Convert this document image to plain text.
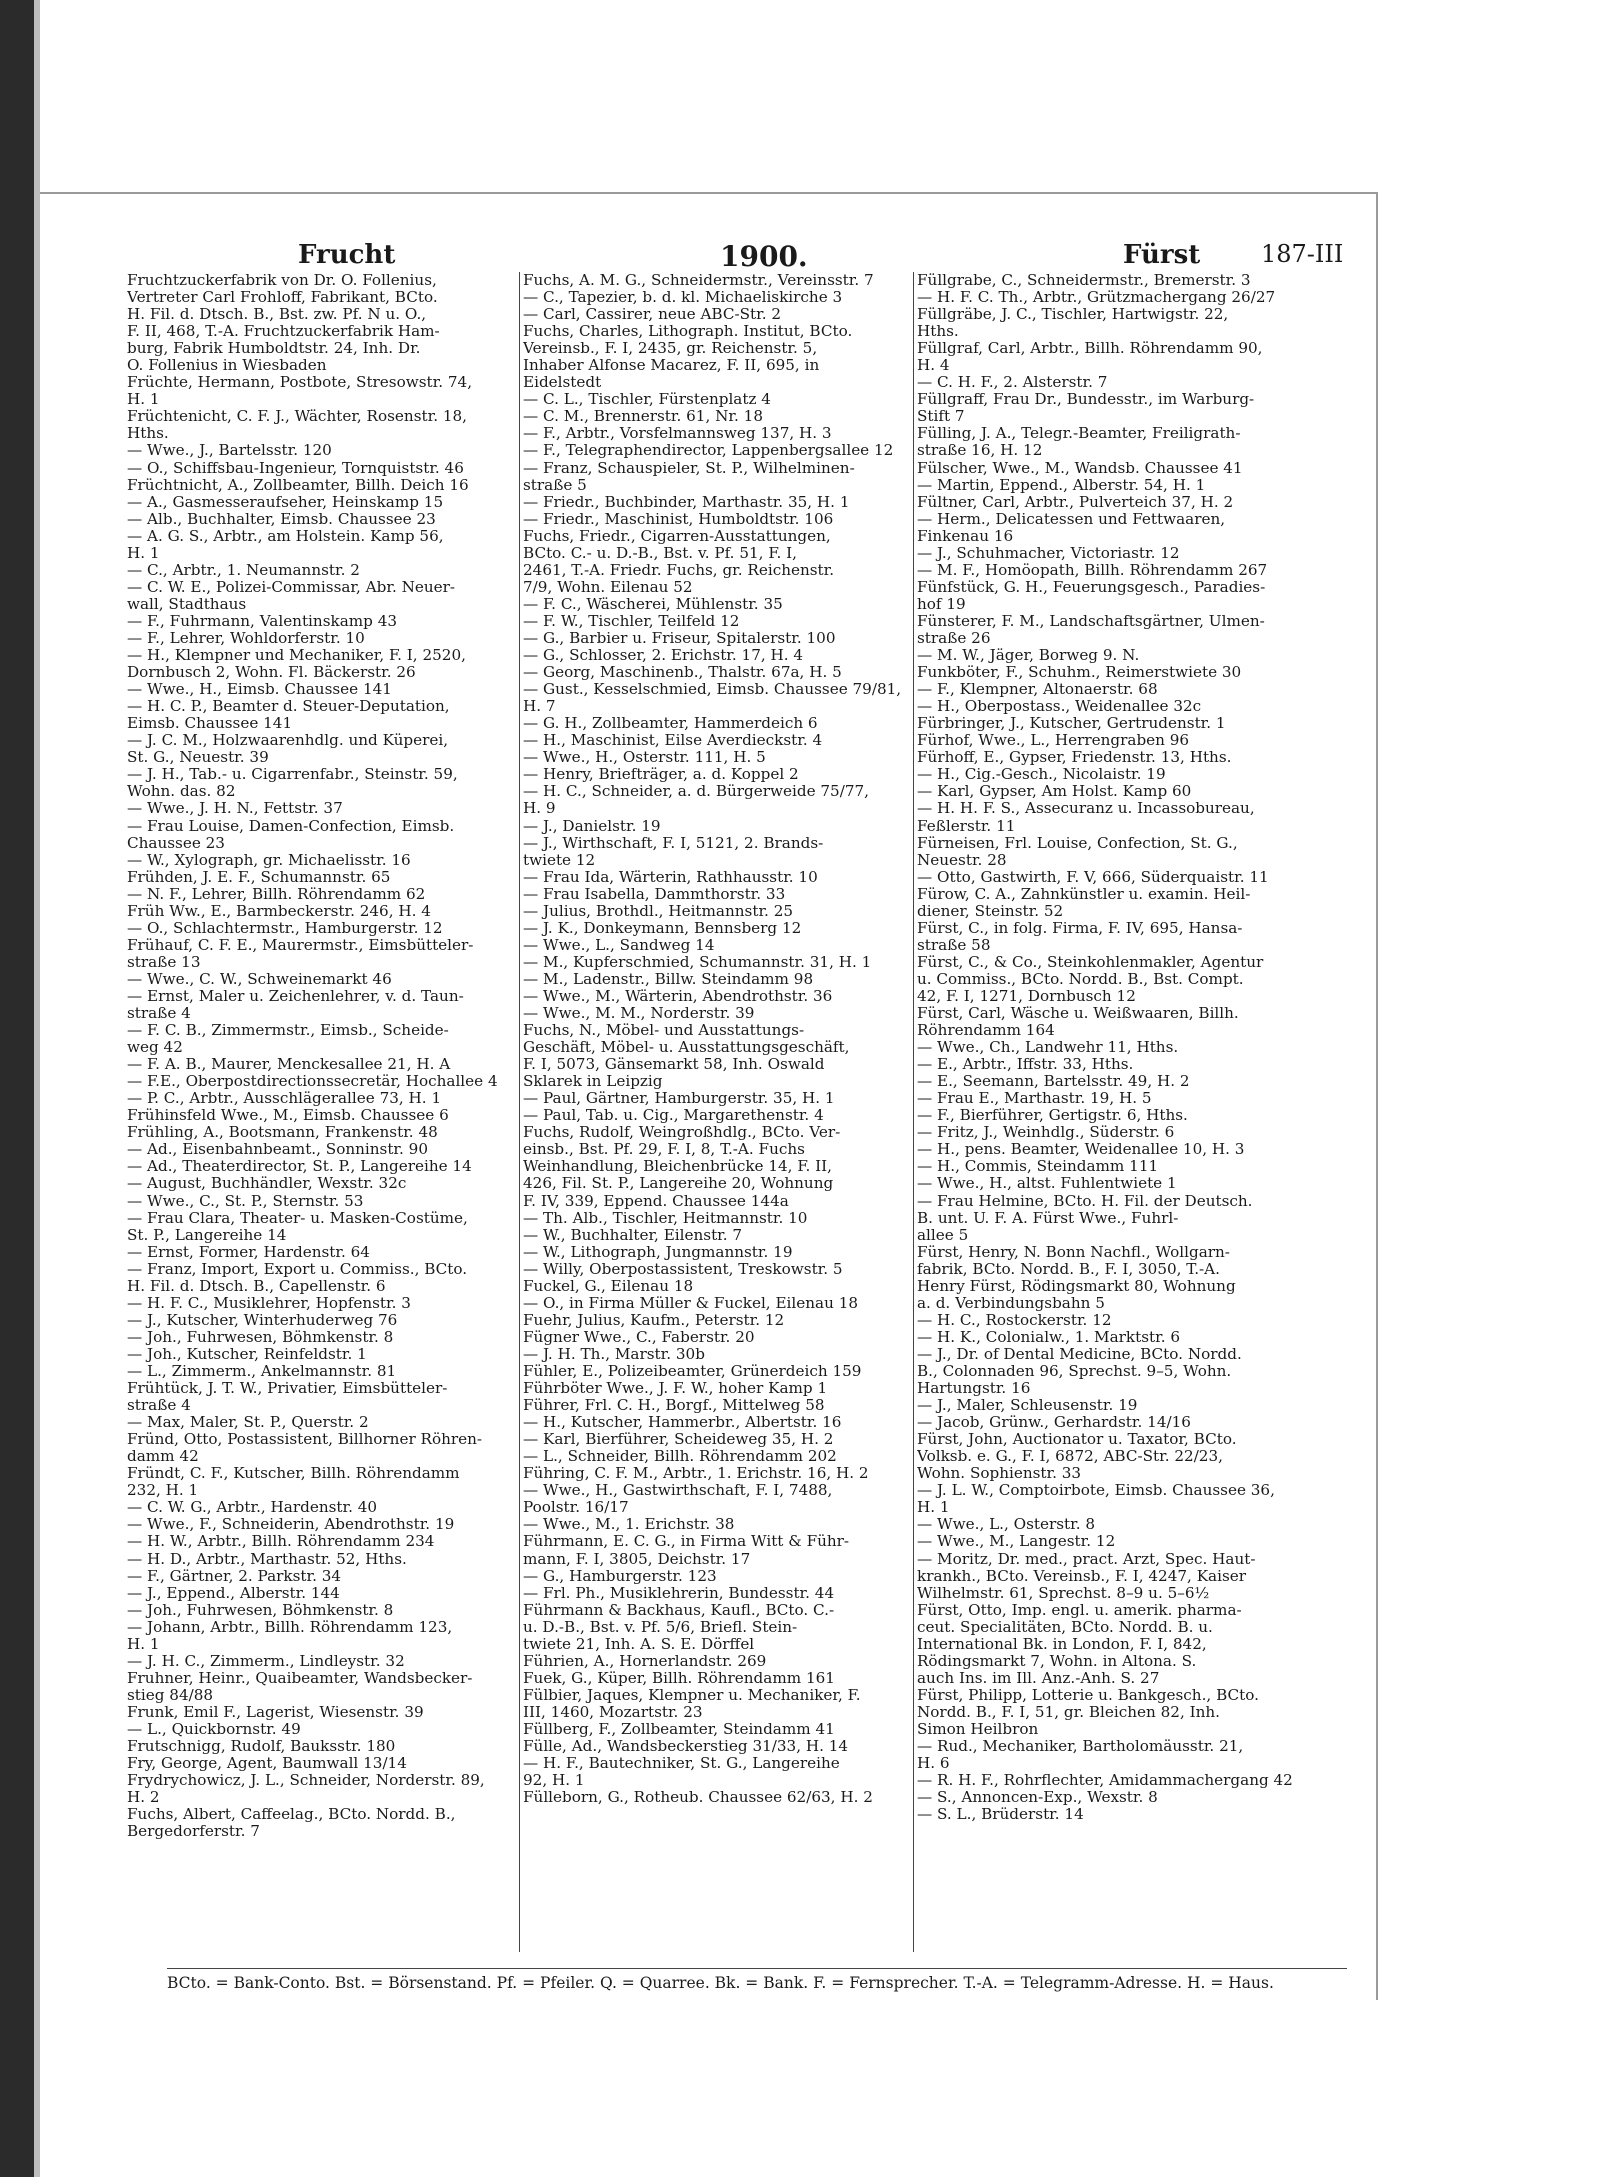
Frucht	1900.	Fürst	187-III
Fruchtzuckerfabrik von Dr. O. Follenius,
Vertreter Carl Frohloff, Fabrikant, BCto.
H. Fil. d. Dtsch. B., Bst. zw. Pf. N u. O.,
F. II, 468, T.-A. Fruchtzuckerfabrik Ham-
burg, Fabrik Humboldtstr. 24, Inh. Dr.
O. Follenius in Wiesbaden
Früchte, Hermann, Postbote, Stresowstr. 74,
H. 1
Früchtenicht, C. F. J., Wächter, Rosenstr. 18,
Hths.
— Wwe., J., Bartelsstr. 120
— O., Schiffsbau-Ingenieur, Tornquiststr. 46
Früchtnicht, A., Zollbeamter, Billh. Deich 16
— A., Gasmesseraufseher, Heinskamp 15
— Alb., Buchhalter, Eimsb. Chaussee 23
— A. G. S., Arbtr., am Holstein. Kamp 56,
H. 1
— C., Arbtr., 1. Neumannstr. 2
— C. W. E., Polizei-Commissar, Abr. Neuer-
wall, Stadthaus
— F., Fuhrmann, Valentinskamp 43
— F., Lehrer, Wohldorferstr. 10
— H., Klempner und Mechaniker, F. I, 2520,
Dornbusch 2, Wohn. Fl. Bäckerstr. 26
— Wwe., H., Eimsb. Chaussee 141
— H. C. P., Beamter d. Steuer-Deputation,
Eimsb. Chaussee 141
— J. C. M., Holzwaarenhdlg. und Küperei,
St. G., Neuestr. 39
— J. H., Tab.- u. Cigarrenfabr., Steinstr. 59,
Wohn. das. 82
— Wwe., J. H. N., Fettstr. 37
— Frau Louise, Damen-Confection, Eimsb.
Chaussee 23
— W., Xylograph, gr. Michaelisstr. 16
Frühden, J. E. F., Schumannstr. 65
— N. F., Lehrer, Billh. Röhrendamm 62
Früh Ww., E., Barmbeckerstr. 246, H. 4
— O., Schlachtermstr., Hamburgerstr. 12
Frühauf, C. F. E., Maurermstr., Eimsbütteler-
straße 13
— Wwe., C. W., Schweinemarkt 46
— Ernst, Maler u. Zeichenlehrer, v. d. Taun-
straße 4
— F. C. B., Zimmermstr., Eimsb., Scheide-
weg 42
— F. A. B., Maurer, Menckesallee 21, H. A
— F.E., Oberpostdirectionssecretär, Hochallee 4
— P. C., Arbtr., Ausschlägerallee 73, H. 1
Frühinsfeld Wwe., M., Eimsb. Chaussee 6
Frühling, A., Bootsmann, Frankenstr. 48
— Ad., Eisenbahnbeamt., Sonninstr. 90
— Ad., Theaterdirector, St. P., Langereihe 14
— August, Buchhändler, Wexstr. 32c
— Wwe., C., St. P., Sternstr. 53
— Frau Clara, Theater- u. Masken-Costüme,
St. P., Langereihe 14
— Ernst, Former, Hardenstr. 64
— Franz, Import, Export u. Commiss., BCto.
H. Fil. d. Dtsch. B., Capellenstr. 6
— H. F. C., Musiklehrer, Hopfenstr. 3
— J., Kutscher, Winterhuderweg 76
— Joh., Fuhrwesen, Böhmkenstr. 8
— Joh., Kutscher, Reinfeldstr. 1
— L., Zimmerm., Ankelmannstr. 81
Frühtück, J. T. W., Privatier, Eimsbütteler-
straße 4
— Max, Maler, St. P., Querstr. 2
Fründ, Otto, Postassistent, Billhorner Röhren-
damm 42
Fründt, C. F., Kutscher, Billh. Röhrendamm
232, H. 1
— C. W. G., Arbtr., Hardenstr. 40
— Wwe., F., Schneiderin, Abendrothstr. 19
— H. W., Arbtr., Billh. Röhrendamm 234
— H. D., Arbtr., Marthastr. 52, Hths.
— F., Gärtner, 2. Parkstr. 34
— J., Eppend., Alberstr. 144
— Joh., Fuhrwesen, Böhmkenstr. 8
— Johann, Arbtr., Billh. Röhrendamm 123,
H. 1
— J. H. C., Zimmerm., Lindleystr. 32
Fruhner, Heinr., Quaibeamter, Wandsbecker-
stieg 84/88
Frunk, Emil F., Lagerist, Wiesenstr. 39
— L., Quickbornstr. 49
Frutschnigg, Rudolf, Bauksstr. 180
Fry, George, Agent, Baumwall 13/14
Frydrychowicz, J. L., Schneider, Norderstr. 89,
H. 2
Fuchs, Albert, Caffeelag., BCto. Nordd. B.,
Bergedorferstr. 7
Fuchs, A. M. G., Schneidermstr., Vereinsstr. 7
— C., Tapezier, b. d. kl. Michaeliskirche 3
— Carl, Cassirer, neue ABC-Str. 2
Fuchs, Charles, Lithograph. Institut, BCto.
Vereinsb., F. I, 2435, gr. Reichenstr. 5,
Inhaber Alfonse Macarez, F. II, 695, in
Eidelstedt
— C. L., Tischler, Fürstenplatz 4
— C. M., Brennerstr. 61, Nr. 18
— F., Arbtr., Vorsfelmannsweg 137, H. 3
— F., Telegraphendirector, Lappenbergsallee 12
— Franz, Schauspieler, St. P., Wilhelminen-
straße 5
— Friedr., Buchbinder, Marthastr. 35, H. 1
— Friedr., Maschinist, Humboldtstr. 106
Fuchs, Friedr., Cigarren-Ausstattungen,
BCto. C.- u. D.-B., Bst. v. Pf. 51, F. I,
2461, T.-A. Friedr. Fuchs, gr. Reichenstr.
7/9, Wohn. Eilenau 52
— F. C., Wäscherei, Mühlenstr. 35
— F. W., Tischler, Teilfeld 12
— G., Barbier u. Friseur, Spitalerstr. 100
— G., Schlosser, 2. Erichstr. 17, H. 4
— Georg, Maschinenb., Thalstr. 67a, H. 5
— Gust., Kesselschmied, Eimsb. Chaussee 79/81,
H. 7
— G. H., Zollbeamter, Hammerdeich 6
— H., Maschinist, Eilse Averdieckstr. 4
— Wwe., H., Osterstr. 111, H. 5
— Henry, Briefträger, a. d. Koppel 2
— H. C., Schneider, a. d. Bürgerweide 75/77,
H. 9
— J., Danielstr. 19
— J., Wirthschaft, F. I, 5121, 2. Brands-
twiete 12
— Frau Ida, Wärterin, Rathhausstr. 10
— Frau Isabella, Dammthorstr. 33
— Julius, Brothdl., Heitmannstr. 25
— J. K., Donkeymann, Bennsberg 12
— Wwe., L., Sandweg 14
— M., Kupferschmied, Schumannstr. 31, H. 1
— M., Ladenstr., Billw. Steindamm 98
— Wwe., M., Wärterin, Abendrothstr. 36
— Wwe., M. M., Norderstr. 39
Fuchs, N., Möbel- und Ausstattungs-
Geschäft, Möbel- u. Ausstattungsgeschäft,
F. I, 5073, Gänsemarkt 58, Inh. Oswald
Sklarek in Leipzig
— Paul, Gärtner, Hamburgerstr. 35, H. 1
— Paul, Tab. u. Cig., Margarethenstr. 4
Fuchs, Rudolf, Weingroßhdlg., BCto. Ver-
einsb., Bst. Pf. 29, F. I, 8, T.-A. Fuchs
Weinhandlung, Bleichenbrücke 14, F. II,
426, Fil. St. P., Langereihe 20, Wohnung
F. IV, 339, Eppend. Chaussee 144a
— Th. Alb., Tischler, Heitmannstr. 10
— W., Buchhalter, Eilenstr. 7
— W., Lithograph, Jungmannstr. 19
— Willy, Oberpostassistent, Treskowstr. 5
Fuckel, G., Eilenau 18
— O., in Firma Müller & Fuckel, Eilenau 18
Fuehr, Julius, Kaufm., Peterstr. 12
Fügner Wwe., C., Faberstr. 20
— J. H. Th., Marstr. 30b
Fühler, E., Polizeibeamter, Grünerdeich 159
Führböter Wwe., J. F. W., hoher Kamp 1
Führer, Frl. C. H., Borgf., Mittelweg 58
— H., Kutscher, Hammerbr., Albertstr. 16
— Karl, Bierführer, Scheideweg 35, H. 2
— L., Schneider, Billh. Röhrendamm 202
Führing, C. F. M., Arbtr., 1. Erichstr. 16, H. 2
— Wwe., H., Gastwirthschaft, F. I, 7488,
Poolstr. 16/17
— Wwe., M., 1. Erichstr. 38
Führmann, E. C. G., in Firma Witt & Führ-
mann, F. I, 3805, Deichstr. 17
— G., Hamburgerstr. 123
— Frl. Ph., Musiklehrerin, Bundesstr. 44
Führmann & Backhaus, Kaufl., BCto. C.-
u. D.-B., Bst. v. Pf. 5/6, Briefl. Stein-
twiete 21, Inh. A. S. E. Dörffel
Führien, A., Hornerlandstr. 269
Fuek, G., Küper, Billh. Röhrendamm 161
Fülbier, Jaques, Klempner u. Mechaniker, F.
III, 1460, Mozartstr. 23
Füllberg, F., Zollbeamter, Steindamm 41
Fülle, Ad., Wandsbeckerstieg 31/33, H. 14
— H. F., Bautechniker, St. G., Langereihe
92, H. 1
Fülleborn, G., Rotheub. Chaussee 62/63, H. 2
Füllgrabe, C., Schneidermstr., Bremerstr. 3
— H. F. C. Th., Arbtr., Grützmachergang 26/27
Füllgräbe, J. C., Tischler, Hartwigstr. 22,
Hths.
Füllgraf, Carl, Arbtr., Billh. Röhrendamm 90,
H. 4
— C. H. F., 2. Alsterstr. 7
Füllgraff, Frau Dr., Bundesstr., im Warburg-
Stift 7
Fülling, J. A., Telegr.-Beamter, Freiligrath-
straße 16, H. 12
Fülscher, Wwe., M., Wandsb. Chaussee 41
— Martin, Eppend., Alberstr. 54, H. 1
Fültner, Carl, Arbtr., Pulverteich 37, H. 2
— Herm., Delicatessen und Fettwaaren,
Finkenau 16
— J., Schuhmacher, Victoriastr. 12
— M. F., Homöopath, Billh. Röhrendamm 267
Fünfstück, G. H., Feuerungsgesch., Paradies-
hof 19
Fünsterer, F. M., Landschaftsgärtner, Ulmen-
straße 26
— M. W., Jäger, Borweg 9. N.
Funkböter, F., Schuhm., Reimerstwiete 30
— F., Klempner, Altonaerstr. 68
— H., Oberpostass., Weidenallee 32c
Fürbringer, J., Kutscher, Gertrudenstr. 1
Fürhof, Wwe., L., Herrengraben 96
Fürhoff, E., Gypser, Friedenstr. 13, Hths.
— H., Cig.-Gesch., Nicolaistr. 19
— Karl, Gypser, Am Holst. Kamp 60
— H. H. F. S., Assecuranz u. Incassobureau,
Feßlerstr. 11
Fürneisen, Frl. Louise, Confection, St. G.,
Neuestr. 28
— Otto, Gastwirth, F. V, 666, Süderquaistr. 11
Fürow, C. A., Zahnkünstler u. examin. Heil-
diener, Steinstr. 52
Fürst, C., in folg. Firma, F. IV, 695, Hansa-
straße 58
Fürst, C., & Co., Steinkohlenmakler, Agentur
u. Commiss., BCto. Nordd. B., Bst. Compt.
42, F. I, 1271, Dornbusch 12
Fürst, Carl, Wäsche u. Weißwaaren, Billh.
Röhrendamm 164
— Wwe., Ch., Landwehr 11, Hths.
— E., Arbtr., Iffstr. 33, Hths.
— E., Seemann, Bartelsstr. 49, H. 2
— Frau E., Marthastr. 19, H. 5
— F., Bierführer, Gertigstr. 6, Hths.
— Fritz, J., Weinhdlg., Süderstr. 6
— H., pens. Beamter, Weidenallee 10, H. 3
— H., Commis, Steindamm 111
— Wwe., H., altst. Fuhlentwiete 1
— Frau Helmine, BCto. H. Fil. der Deutsch.
B. unt. U. F. A. Fürst Wwe., Fuhrl-
allee 5
Fürst, Henry, N. Bonn Nachfl., Wollgarn-
fabrik, BCto. Nordd. B., F. I, 3050, T.-A.
Henry Fürst, Rödingsmarkt 80, Wohnung
a. d. Verbindungsbahn 5
— H. C., Rostockerstr. 12
— H. K., Colonialw., 1. Marktstr. 6
— J., Dr. of Dental Medicine, BCto. Nordd.
B., Colonnaden 96, Sprechst. 9–5, Wohn.
Hartungstr. 16
— J., Maler, Schleusenstr. 19
— Jacob, Grünw., Gerhardstr. 14/16
Fürst, John, Auctionator u. Taxator, BCto.
Volksb. e. G., F. I, 6872, ABC-Str. 22/23,
Wohn. Sophienstr. 33
— J. L. W., Comptoirbote, Eimsb. Chaussee 36,
H. 1
— Wwe., L., Osterstr. 8
— Wwe., M., Langestr. 12
— Moritz, Dr. med., pract. Arzt, Spec. Haut-
krankh., BCto. Vereinsb., F. I, 4247, Kaiser
Wilhelmstr. 61, Sprechst. 8–9 u. 5–6½
Fürst, Otto, Imp. engl. u. amerik. pharma-
ceut. Specialitäten, BCto. Nordd. B. u.
International Bk. in London, F. I, 842,
Rödingsmarkt 7, Wohn. in Altona. S.
auch Ins. im Ill. Anz.-Anh. S. 27
Fürst, Philipp, Lotterie u. Bankgesch., BCto.
Nordd. B., F. I, 51, gr. Bleichen 82, Inh.
Simon Heilbron
— Rud., Mechaniker, Bartholomäusstr. 21,
H. 6
— R. H. F., Rohrflechter, Amidammachergang 42
— S., Annoncen-Exp., Wexstr. 8
— S. L., Brüderstr. 14
BCto. = Bank-Conto. Bst. = Börsenstand. Pf. = Pfeiler. Q. = Quarree. Bk. = Bank. F. = Fernsprecher. T.-A. = Telegramm-Adresse. H. = Haus.
